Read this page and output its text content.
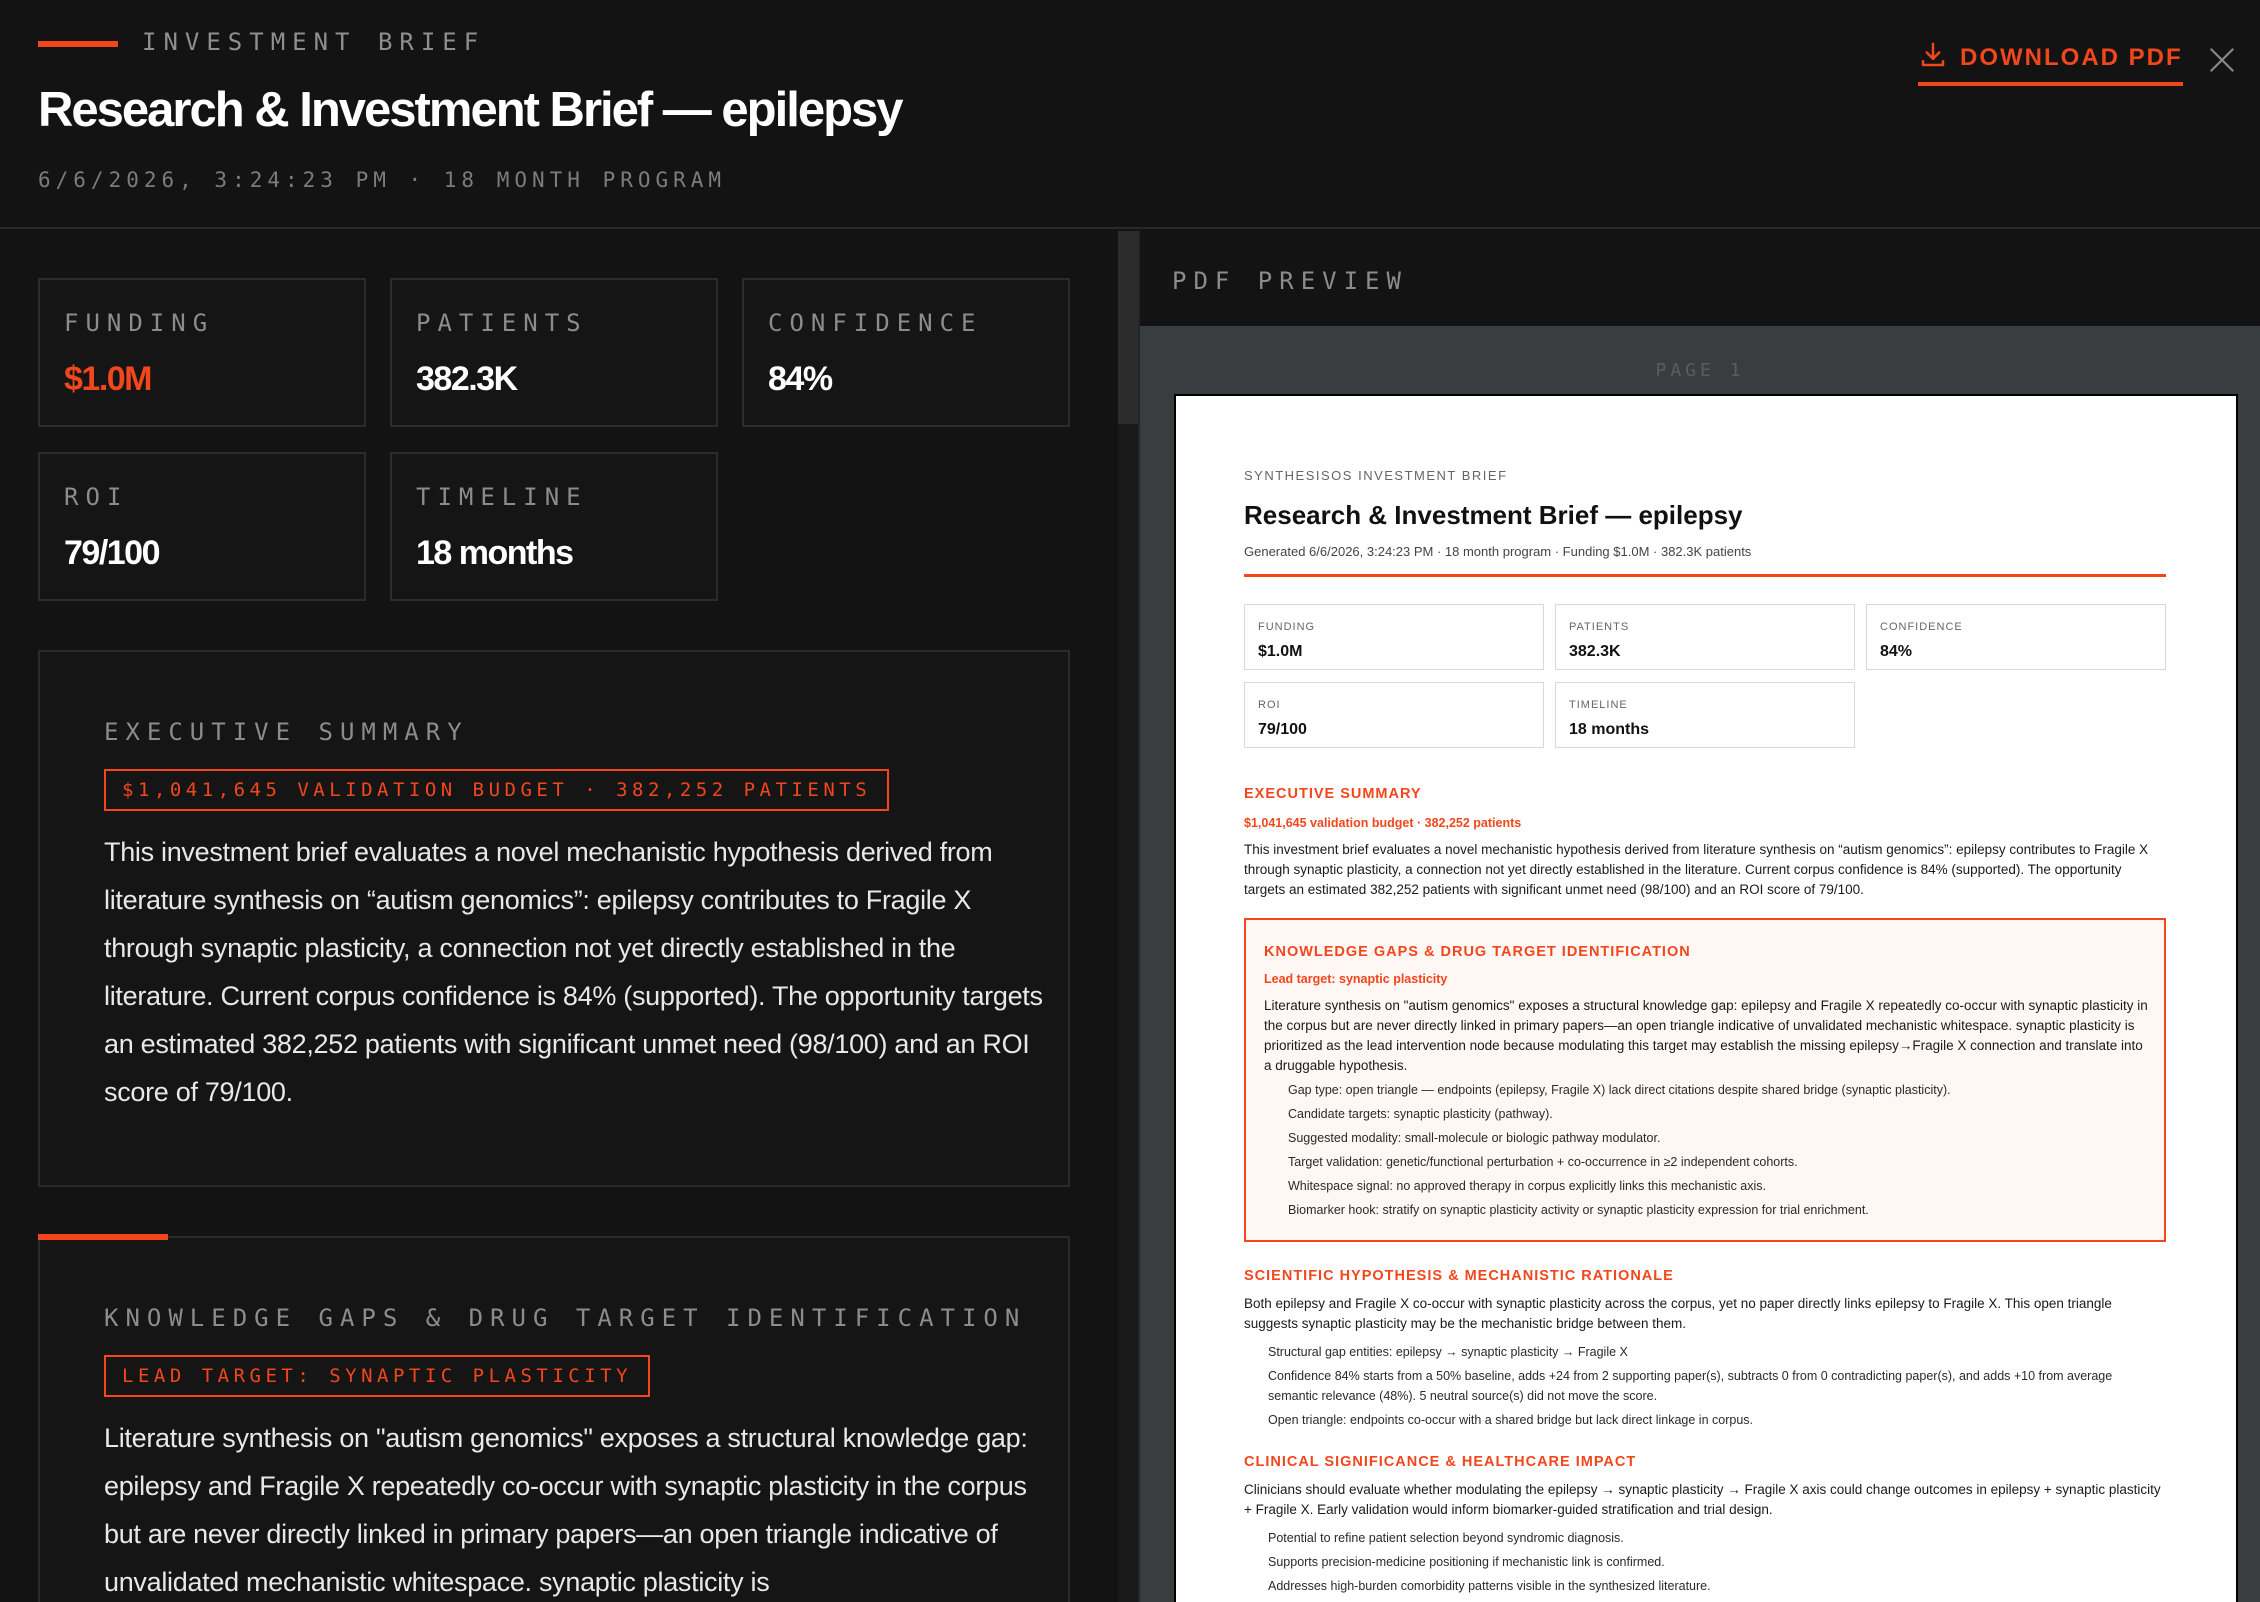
INVESTMENT BRIEF
Research & Investment Brief — epilepsy
6/6/2026, 3:24:23 PM · 18 MONTH PROGRAM
DOWNLOAD PDF
FUNDING
$1.0M
PATIENTS
382.3K
CONFIDENCE
84%
ROI
79/100
TIMELINE
18 months
EXECUTIVE SUMMARY
$1,041,645 VALIDATION BUDGET · 382,252 PATIENTS
This investment brief evaluates a novel mechanistic hypothesis derived from literature synthesis on “autism genomics”: epilepsy contributes to Fragile X through synaptic plasticity, a connection not yet directly established in the literature. Current corpus confidence is 84% (supported). The opportunity targets an estimated 382,252 patients with significant unmet need (98/100) and an ROI score of 79/100.
KNOWLEDGE GAPS & DRUG TARGET IDENTIFICATION
LEAD TARGET: SYNAPTIC PLASTICITY
Literature synthesis on "autism genomics" exposes a structural knowledge gap: epilepsy and Fragile X repeatedly co-occur with synaptic plasticity in the corpus but are never directly linked in primary papers—an open triangle indicative of unvalidated mechanistic whitespace. synaptic plasticity is
PDF PREVIEW
PAGE 1
SYNTHESISOS INVESTMENT BRIEF
Research & Investment Brief — epilepsy
Generated 6/6/2026, 3:24:23 PM · 18 month program · Funding $1.0M · 382.3K patients
FUNDING
$1.0M
PATIENTS
382.3K
CONFIDENCE
84%
ROI
79/100
TIMELINE
18 months
EXECUTIVE SUMMARY
$1,041,645 validation budget · 382,252 patients
This investment brief evaluates a novel mechanistic hypothesis derived from literature synthesis on “autism genomics”: epilepsy contributes to Fragile X through synaptic plasticity, a connection not yet directly established in the literature. Current corpus confidence is 84% (supported). The opportunity targets an estimated 382,252 patients with significant unmet need (98/100) and an ROI score of 79/100.
KNOWLEDGE GAPS & DRUG TARGET IDENTIFICATION
Lead target: synaptic plasticity
Literature synthesis on "autism genomics" exposes a structural knowledge gap: epilepsy and Fragile X repeatedly co-occur with synaptic plasticity in the corpus but are never directly linked in primary papers—an open triangle indicative of unvalidated mechanistic whitespace. synaptic plasticity is prioritized as the lead intervention node because modulating this target may establish the missing epilepsy→Fragile X connection and translate into a druggable hypothesis.
Gap type: open triangle — endpoints (epilepsy, Fragile X) lack direct citations despite shared bridge (synaptic plasticity).
Candidate targets: synaptic plasticity (pathway).
Suggested modality: small-molecule or biologic pathway modulator.
Target validation: genetic/functional perturbation + co-occurrence in ≥2 independent cohorts.
Whitespace signal: no approved therapy in corpus explicitly links this mechanistic axis.
Biomarker hook: stratify on synaptic plasticity activity or synaptic plasticity expression for trial enrichment.
SCIENTIFIC HYPOTHESIS & MECHANISTIC RATIONALE
Both epilepsy and Fragile X co-occur with synaptic plasticity across the corpus, yet no paper directly links epilepsy to Fragile X. This open triangle suggests synaptic plasticity may be the mechanistic bridge between them.
Structural gap entities: epilepsy → synaptic plasticity → Fragile X
Confidence 84% starts from a 50% baseline, adds +24 from 2 supporting paper(s), subtracts 0 from 0 contradicting paper(s), and adds +10 from average semantic relevance (48%). 5 neutral source(s) did not move the score.
Open triangle: endpoints co-occur with a shared bridge but lack direct linkage in corpus.
CLINICAL SIGNIFICANCE & HEALTHCARE IMPACT
Clinicians should evaluate whether modulating the epilepsy → synaptic plasticity → Fragile X axis could change outcomes in epilepsy + synaptic plasticity + Fragile X. Early validation would inform biomarker-guided stratification and trial design.
Potential to refine patient selection beyond syndromic diagnosis.
Supports precision-medicine positioning if mechanistic link is confirmed.
Addresses high-burden comorbidity patterns visible in the synthesized literature.
